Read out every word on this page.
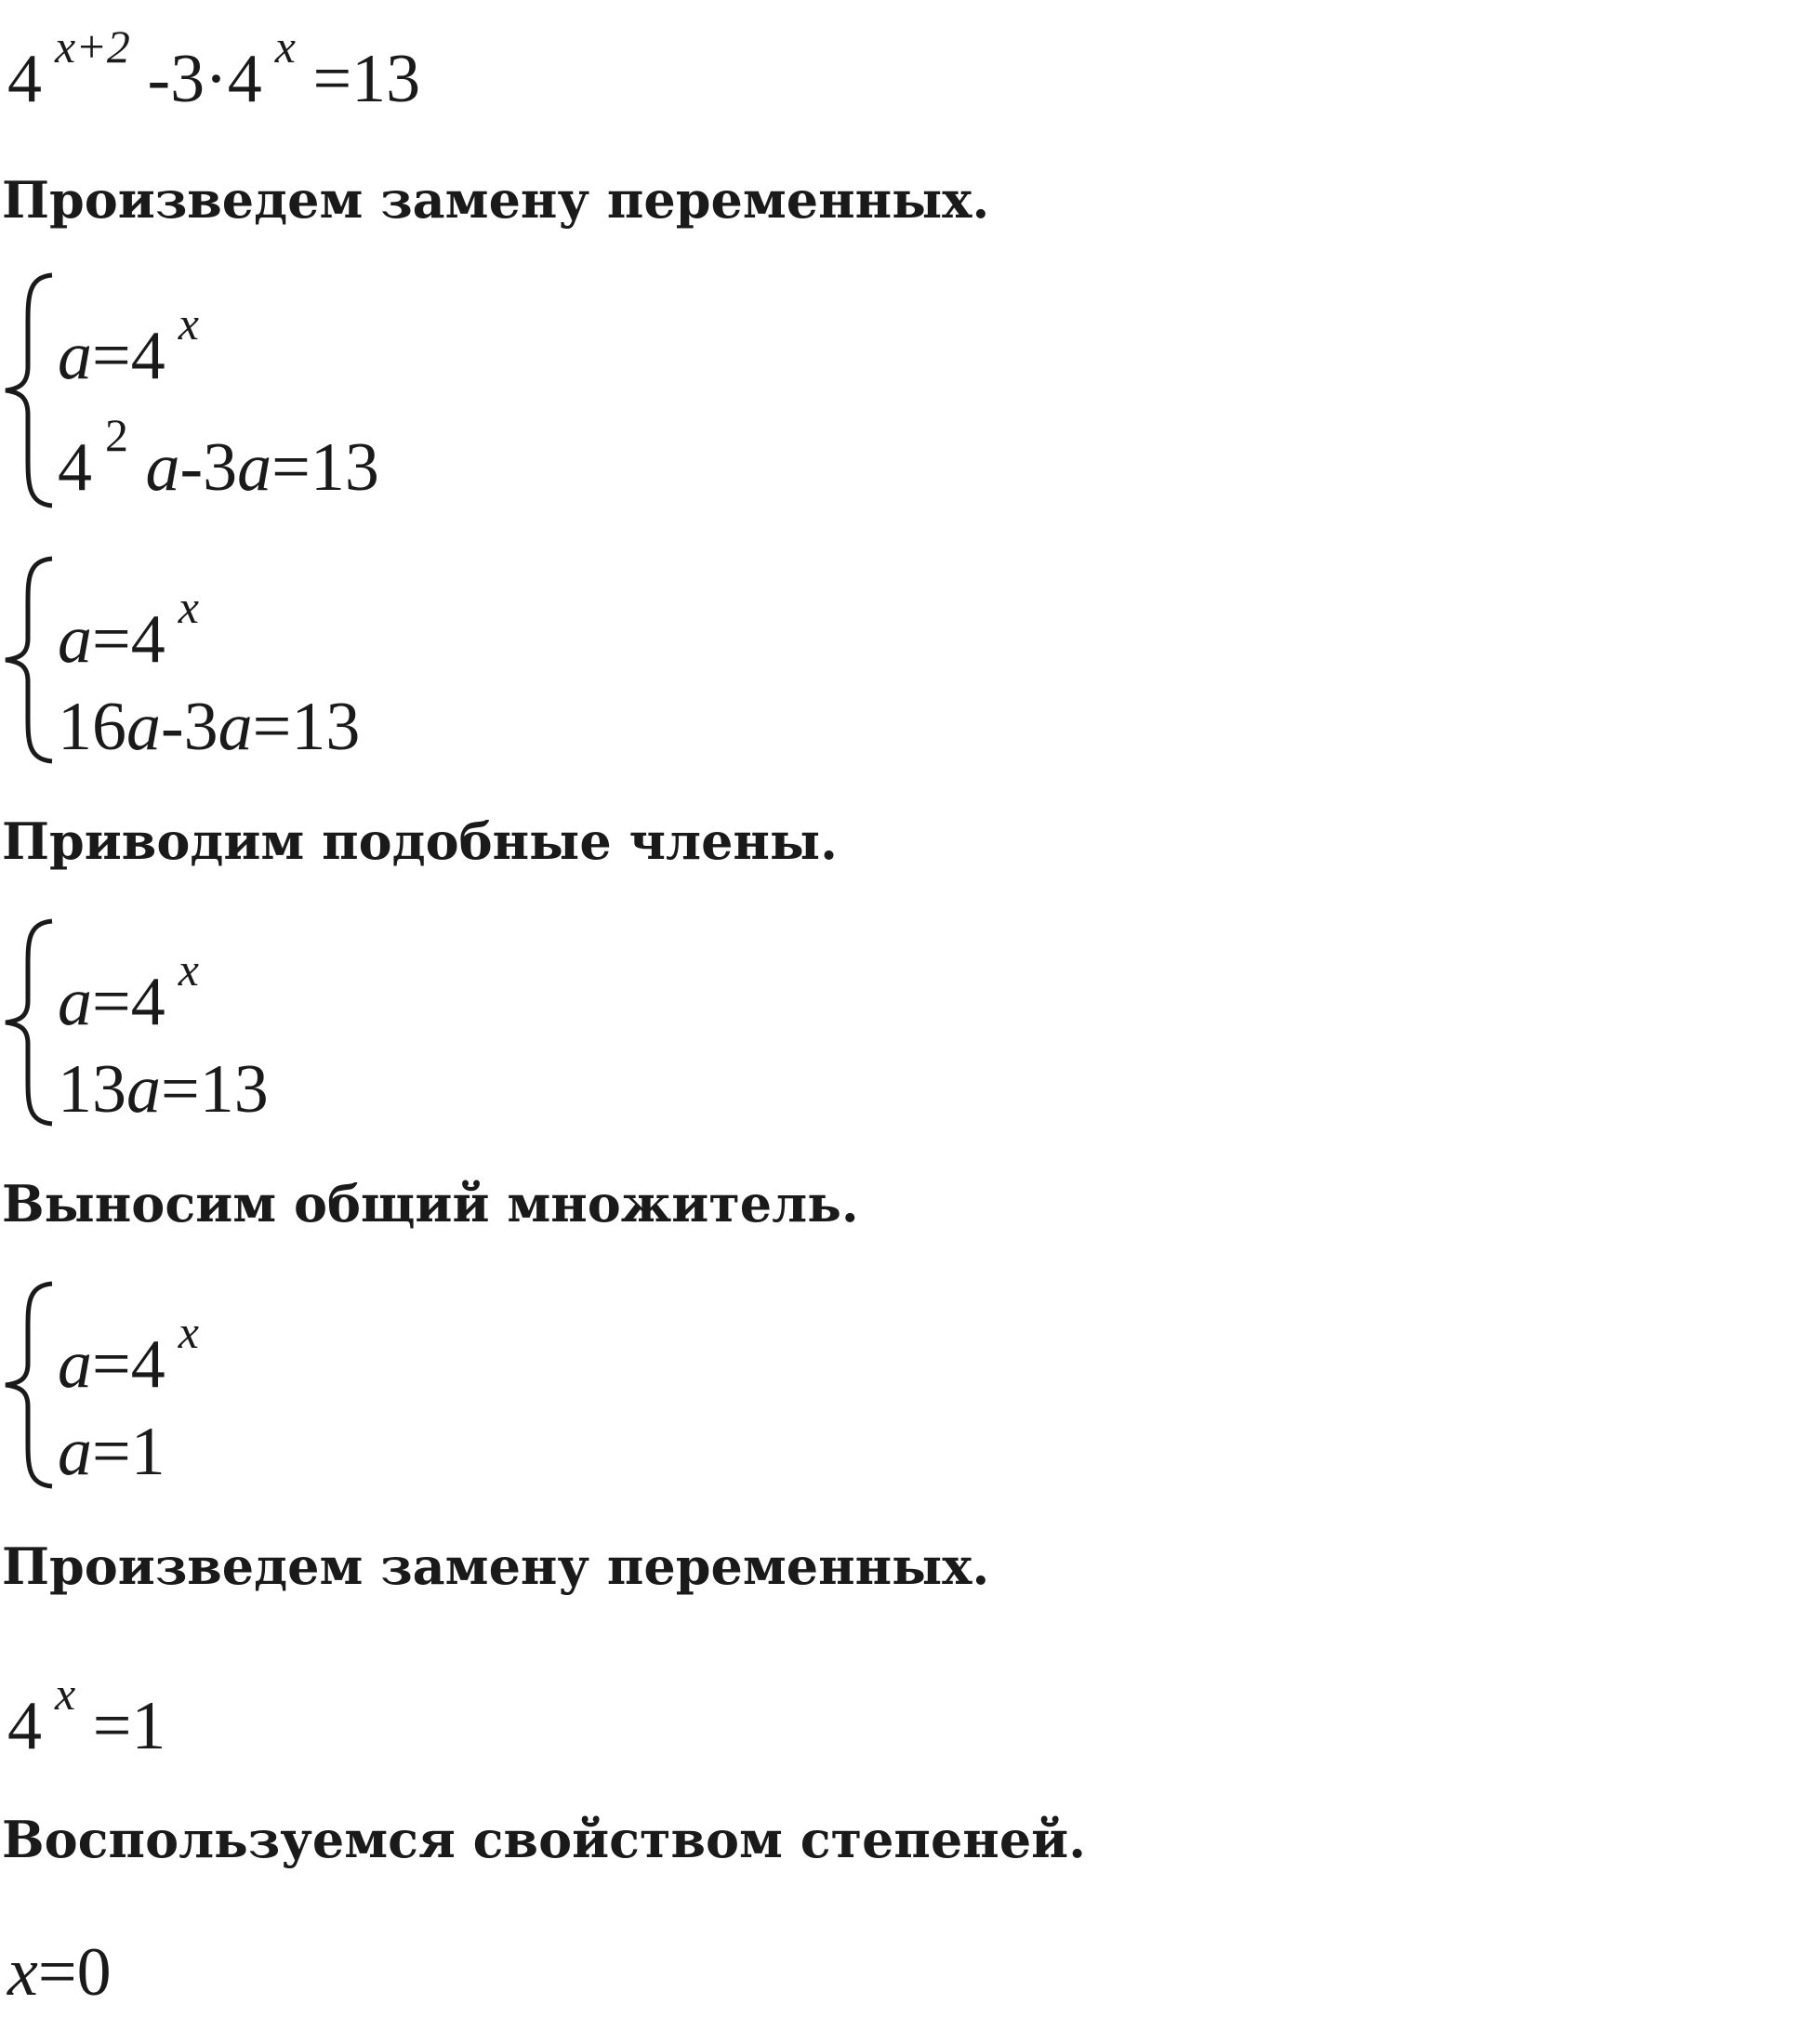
4 $^{x+2}$ -3·4 $^x$ =13
Произведем замену переменных.
a=4 $^x$
4 $^2$ a-3a=13
a=4 $^x$
16a-3a=13
Приводим подобные члены.
a=4 $^x$
13a=13
Выносим общий множитель.
a=4 $^x$
a=1
Произведем замену переменных.
4 $^x$ =1
Воспользуемся свойством степеней.
x=0
